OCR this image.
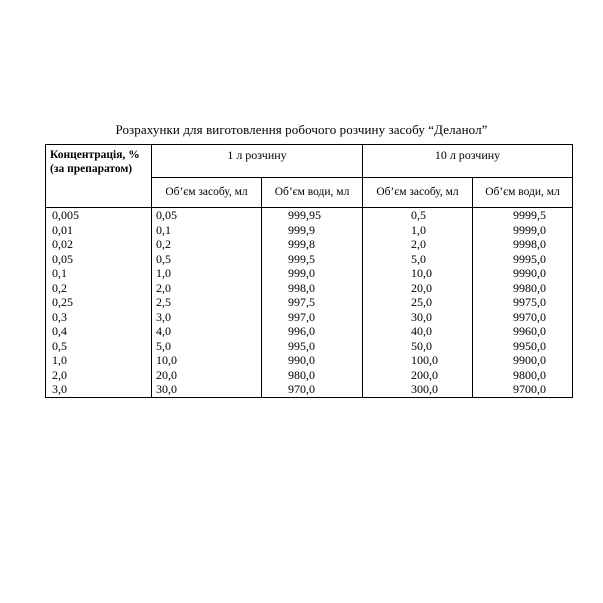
Розрахунки для виготовлення робочого розчину засобу “Деланол”
Концентрація, %
(за препаратом)	1 л розчину		10 л розчину	
	Об’єм засобу, мл	Об’єм води, мл	Об’єм засобу, мл	Об’єм води, мл
0,005	0,05	999,95	0,5	9999,5
0,01	0,1	999,9	1,0	9999,0
0,02	0,2	999,8	2,0	9998,0
0,05	0,5	999,5	5,0	9995,0
0,1	1,0	999,0	10,0	9990,0
0,2	2,0	998,0	20,0	9980,0
0,25	2,5	997,5	25,0	9975,0
0,3	3,0	997,0	30,0	9970,0
0,4	4,0	996,0	40,0	9960,0
0,5	5,0	995,0	50,0	9950,0
1,0	10,0	990,0	100,0	9900,0
2,0	20,0	980,0	200,0	9800,0
3,0	30,0	970,0	300,0	9700,0
